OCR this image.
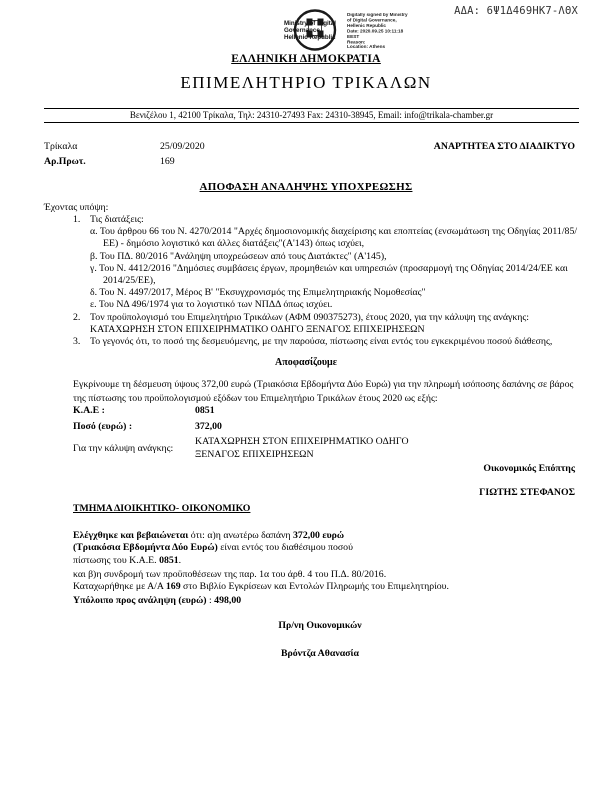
ΑΔΑ: 6Ψ1Δ469ΗΚ7-ΛΘΧ
Ministry of Digital
Governance,
Hellenic Republic
Digitally signed by Ministry
of Digital Governance,
Hellenic Republic
Date: 2020.09.25 10:11:18
EEST
Reason:
Location: Athens
ΕΛΛΗΝΙΚΗ ΔΗΜΟΚΡΑΤΙΑ
ΕΠΙΜΕΛΗΤΗΡΙΟ ΤΡΙΚΑΛΩΝ
Βενιζέλου 1, 42100 Τρίκαλα, Τηλ: 24310-27493 Fax: 24310-38945, Email: info@trikala-chamber.gr
Τρίκαλα	25/09/2020	ΑΝΑΡΤΗΤΕΑ ΣΤΟ ΔΙΑΔΙΚΤΥΟ
Αρ.Πρωτ.	169
ΑΠΟΦΑΣΗ ΑΝΑΛΗΨΗΣ ΥΠΟΧΡΕΩΣΗΣ
Έχοντας υπόψη:
1. Τις διατάξεις:
α. Του άρθρου 66 του Ν. 4270/2014 "Αρχές δημοσιονομικής διαχείρισης και εποπτείας (ενσωμάτωση της Οδηγίας 2011/85/ΕΕ) - δημόσιο λογιστικό και άλλες διατάξεις"(Α'143) όπως ισχύει,
β. Του ΠΔ. 80/2016 "Ανάληψη υποχρεώσεων από τους Διατάκτες" (Α'145),
γ. Του Ν. 4412/2016 "Δημόσιες συμβάσεις έργων, προμηθειών και υπηρεσιών (προσαρμογή της Οδηγίας 2014/24/ΕΕ και 2014/25/ΕΕ),
δ. Του Ν. 4497/2017, Μέρος Β' "Εκσυγχρονισμός της Επιμελητηριακής Νομοθεσίας"
ε. Του ΝΔ 496/1974 για το λογιστικό των ΝΠΔΔ όπως ισχύει.
2. Τον προϋπολογισμό του Επιμελητήριο Τρικάλων (ΑΦΜ 090375273), έτους 2020, για την κάλυψη της ανάγκης:
ΚΑΤΑΧΩΡΗΣΗ ΣΤΟΝ ΕΠΙΧΕΙΡΗΜΑΤΙΚΟ ΟΔΗΓΟ ΞΕΝΑΓΟΣ ΕΠΙΧΕΙΡΗΣΕΩΝ
3. Το γεγονός ότι, το ποσό της δεσμευόμενης, με την παρούσα, πίστωσης είναι εντός του εγκεκριμένου ποσού διάθεσης,
Αποφασίζουμε
Εγκρίνουμε τη δέσμευση ύψους 372,00 ευρώ (Τριακόσια Εβδομήντα Δύο Ευρώ) για την πληρωμή ισόποσης δαπάνης σε βάρος της πίστωσης του προϋπολογισμού εξόδων του Επιμελητήριο Τρικάλων έτους 2020 ως εξής:
Κ.Α.Ε :	0851
Ποσό (ευρώ) :	372,00
Για την κάλυψη ανάγκης:
ΚΑΤΑΧΩΡΗΣΗ ΣΤΟΝ ΕΠΙΧΕΙΡΗΜΑΤΙΚΟ ΟΔΗΓΟ
ΞΕΝΑΓΟΣ ΕΠΙΧΕΙΡΗΣΕΩΝ
Οικονομικός Επόπτης
ΓΙΩΤΗΣ ΣΤΕΦΑΝΟΣ
ΤΜΗΜΑ ΔΙΟΙΚΗΤΙΚΟ- ΟΙΚΟΝΟΜΙΚΟ
Ελέγχθηκε και βεβαιώνεται ότι: α)η ανωτέρω δαπάνη 372,00 ευρώ
(Τριακόσια Εβδομήντα Δύο Ευρώ) είναι εντός του διαθέσιμου ποσού
πίστωσης του Κ.Α.Ε. 0851.
και β)η συνδρομή των προϋποθέσεων της παρ. 1α του άρθ. 4 του Π.Δ. 80/2016.
Καταχωρήθηκε με Α/Α 169 στο Βιβλίο Εγκρίσεων και Εντολών Πληρωμής του Επιμελητηρίου.
Υπόλοιπο προς ανάληψη (ευρώ) : 498,00
Πρ/νη Οικονομικών
Βρόντζα Αθανασία
